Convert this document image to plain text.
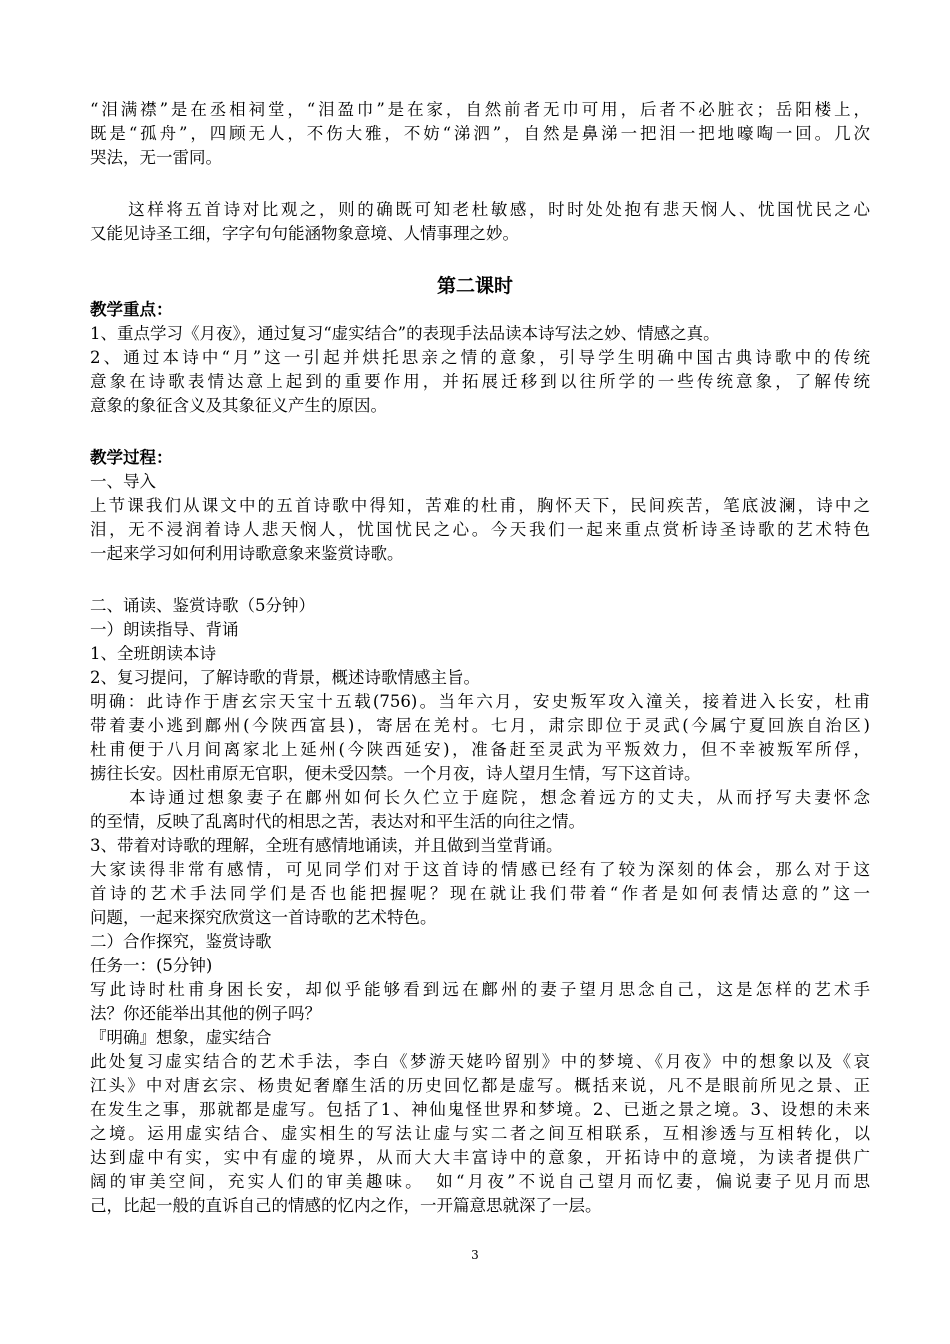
“泪满襟”是在丞相祠堂，“泪盈巾”是在家，自然前者无巾可用，后者不必脏衣；岳阳楼上，
既是“孤舟”，四顾无人，不伤大雅，不妨“涕泗”，自然是鼻涕一把泪一把地嚎啕一回。几次
哭法，无一雷同。
　　这样将五首诗对比观之，则的确既可知老杜敏感，时时处处抱有悲天悯人、忧国忧民之心
又能见诗圣工细，字字句句能涵物象意境、人情事理之妙。
第二课时
教学重点：
1、重点学习《月夜》，通过复习“虚实结合”的表现手法品读本诗写法之妙、情感之真。
2、通过本诗中“月”这一引起并烘托思亲之情的意象，引导学生明确中国古典诗歌中的传统
意象在诗歌表情达意上起到的重要作用，并拓展迁移到以往所学的一些传统意象，了解传统
意象的象征含义及其象征义产生的原因。
教学过程：
一、导入
上节课我们从课文中的五首诗歌中得知，苦难的杜甫，胸怀天下，民间疾苦，笔底波澜，诗中之
泪，无不浸润着诗人悲天悯人，忧国忧民之心。今天我们一起来重点赏析诗圣诗歌的艺术特色
一起来学习如何利用诗歌意象来鉴赏诗歌。
二、诵读、鉴赏诗歌（5分钟）
一）朗读指导、背诵
1、全班朗读本诗
2、复习提问，了解诗歌的背景，概述诗歌情感主旨。
明确：此诗作于唐玄宗天宝十五载(756)。当年六月，安史叛军攻入潼关，接着进入长安，杜甫
带着妻小逃到鄜州(今陕西富县)，寄居在羌村。七月，肃宗即位于灵武(今属宁夏回族自治区)
杜甫便于八月间离家北上延州(今陕西延安)，准备赶至灵武为平叛效力，但不幸被叛军所俘，
掳往长安。因杜甫原无官职，便未受囚禁。一个月夜，诗人望月生情，写下这首诗。
　　本诗通过想象妻子在鄜州如何长久伫立于庭院，想念着远方的丈夫，从而抒写夫妻怀念
的至情，反映了乱离时代的相思之苦，表达对和平生活的向往之情。
3、带着对诗歌的理解，全班有感情地诵读，并且做到当堂背诵。
大家读得非常有感情，可见同学们对于这首诗的情感已经有了较为深刻的体会，那么对于这
首诗的艺术手法同学们是否也能把握呢？现在就让我们带着“作者是如何表情达意的”这一
问题，一起来探究欣赏这一首诗歌的艺术特色。
二）合作探究，鉴赏诗歌
任务一：(5分钟)
写此诗时杜甫身困长安，却似乎能够看到远在鄜州的妻子望月思念自己，这是怎样的艺术手
法？你还能举出其他的例子吗？
『明确』想象，虚实结合
此处复习虚实结合的艺术手法，李白《梦游天姥吟留别》中的梦境、《月夜》中的想象以及《哀
江头》中对唐玄宗、杨贵妃奢靡生活的历史回忆都是虚写。概括来说，凡不是眼前所见之景、正
在发生之事，那就都是虚写。包括了1、神仙鬼怪世界和梦境。2、已逝之景之境。3、设想的未来
之境。运用虚实结合、虚实相生的写法让虚与实二者之间互相联系，互相渗透与互相转化，以
达到虚中有实，实中有虚的境界，从而大大丰富诗中的意象，开拓诗中的意境，为读者提供广
阔的审美空间，充实人们的审美趣味。　如“月夜”不说自己望月而忆妻，偏说妻子见月而思
己，比起一般的直诉自己的情感的忆内之作，一开篇意思就深了一层。
3
